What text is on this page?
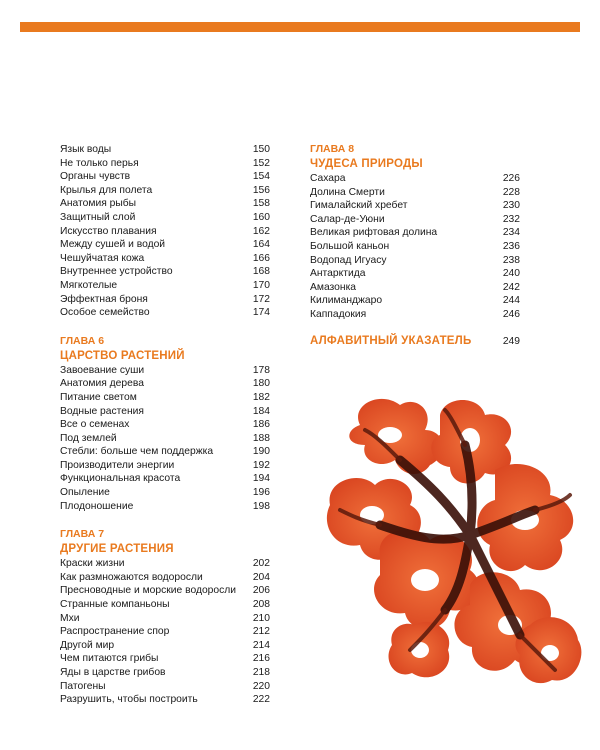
Язык воды	150
Не только перья	152
Органы чувств	154
Крылья для полета	156
Анатомия рыбы	158
Защитный слой	160
Искусство плавания	162
Между сушей и водой	164
Чешуйчатая кожа	166
Внутреннее устройство	168
Мягкотелые	170
Эффектная броня	172
Особое семейство	174
ГЛАВА 6
ЦАРСТВО РАСТЕНИЙ
Завоевание суши	178
Анатомия дерева	180
Питание светом	182
Водные растения	184
Все о семенах	186
Под землей	188
Стебли: больше чем поддержка	190
Производители энергии	192
Функциональная красота	194
Опыление	196
Плодоношение	198
ГЛАВА 7
ДРУГИЕ РАСТЕНИЯ
Краски жизни	202
Как размножаются водоросли	204
Пресноводные и морские водоросли 206
Странные компаньоны	208
Мхи	210
Распространение спор	212
Другой мир	214
Чем питаются грибы	216
Яды в царстве грибов	218
Патогены	220
Разрушить, чтобы построить	222
ГЛАВА 8
ЧУДЕСА ПРИРОДЫ
Сахара	226
Долина Смерти	228
Гималайский хребет	230
Салар-де-Уюни	232
Великая рифтовая долина	234
Большой каньон	236
Водопад Игуасу	238
Антарктида	240
Амазонка	242
Килиманджаро	244
Каппадокия	246
АЛФАВИТНЫЙ УКАЗАТЕЛЬ	249
